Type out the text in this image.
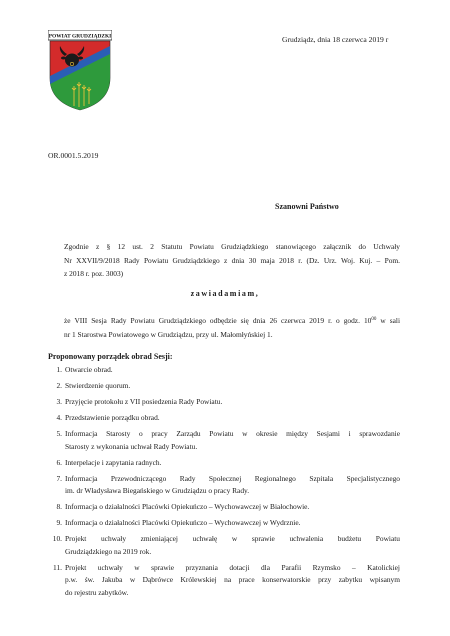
POWIAT GRUDZIĄDZKI	Grudziądz, dnia 18 czerwca 2019 r
OR.0001.5.2019
Szanowni Państwo
Zgodnie z § 12 ust. 2 Statutu Powiatu Grudziądzkiego stanowiącego załącznik do Uchwały
Nr XXVII/9/2018 Rady Powiatu Grudziądzkiego z dnia 30 maja 2018 r. (Dz. Urz. Woj. Kuj. – Pom.
z 2018 r. poz. 3003)
zawiadamiam,
że VIII Sesja Rady Powiatu Grudziądzkiego odbędzie się dnia 26 czerwca 2019 r. o godz. $10^{00}$ w sali
nr 1 Starostwa Powiatowego w Grudziądzu, przy ul. Małomłyńskiej 1.
Proponowany porządek obrad Sesji:
1. Otwarcie obrad.
2. Stwierdzenie quorum.
3. Przyjęcie protokołu z VII posiedzenia Rady Powiatu.
4. Przedstawienie porządku obrad.
5. Informacja Starosty o pracy Zarządu Powiatu w okresie między Sesjami i sprawozdanie
Starosty z wykonania uchwał Rady Powiatu.
6. Interpelacje i zapytania radnych.
7. Informacja Przewodniczącego Rady Społecznej Regionalnego Szpitala Specjalistycznego
im. dr Władysława Biegańskiego w Grudziądzu o pracy Rady.
8. Informacja o działalności Placówki Opiekuńczo – Wychowawczej w Białochowie.
9. Informacja o działalności Placówki Opiekuńczo – Wychowawczej w Wydrznie.
10. Projekt uchwały zmieniającej uchwałę w sprawie uchwalenia budżetu Powiatu
Grudziądzkiego na 2019 rok.
11. Projekt uchwały w sprawie przyznania dotacji dla Parafii Rzymsko – Katolickiej
p.w. św. Jakuba w Dąbrówce Królewskiej na prace konserwatorskie przy zabytku wpisanym
do rejestru zabytków.
